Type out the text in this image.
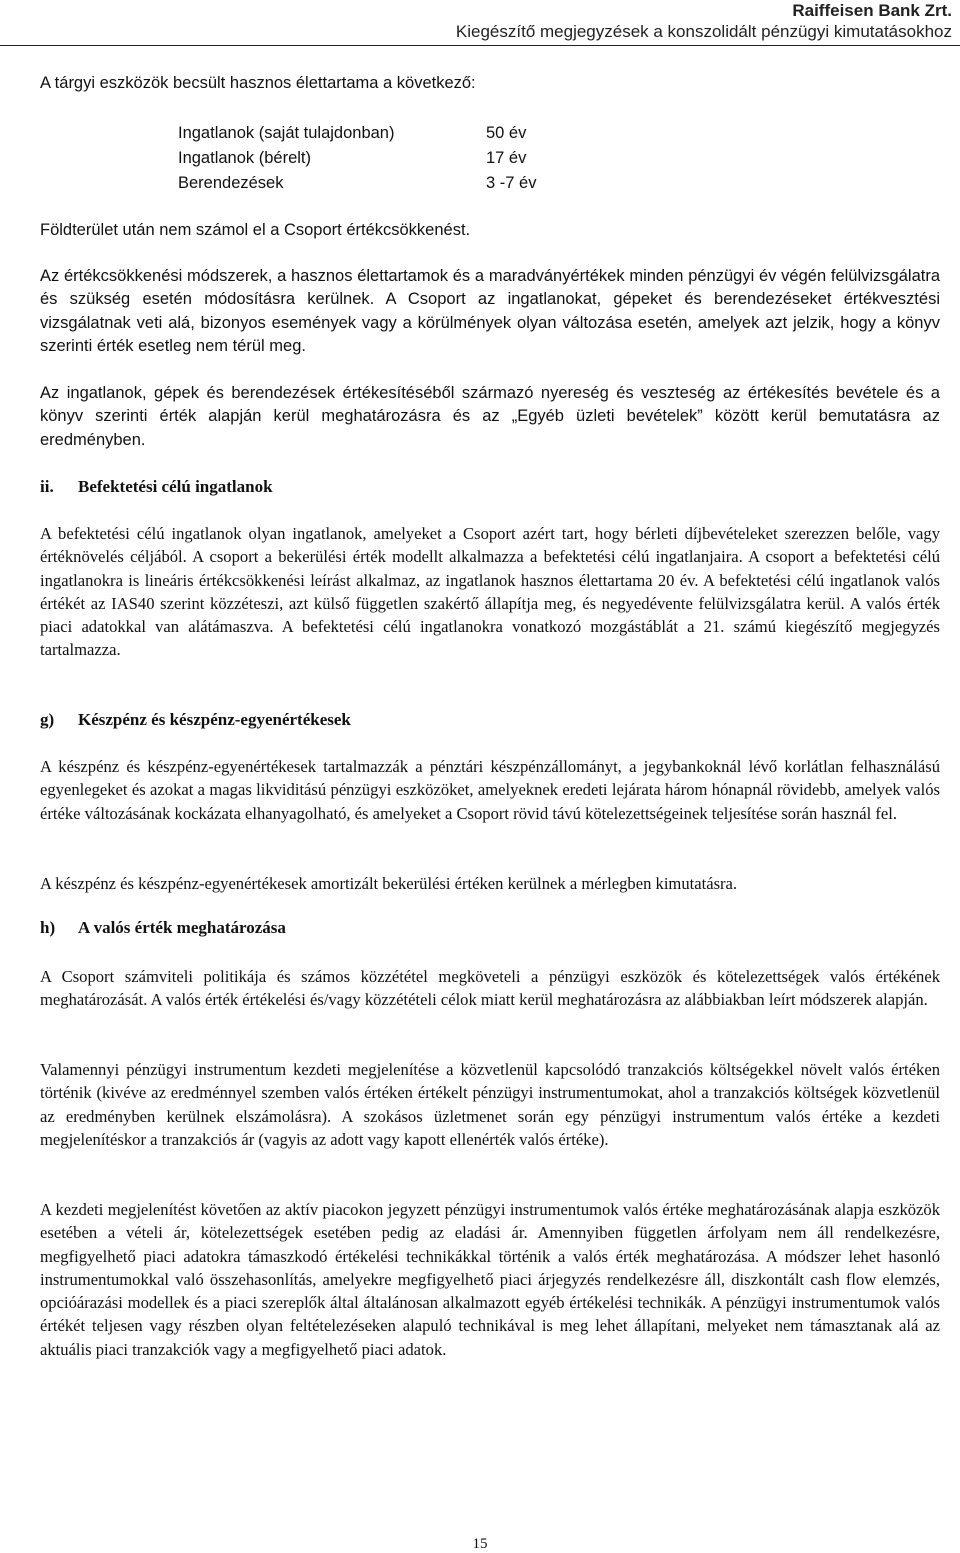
Raiffeisen Bank Zrt.
Kiegészítő megjegyzések a konszolidált pénzügyi kimutatásokhoz

A tárgyi eszközök becsült hasznos élettartama a következő:

Ingatlanok (saját tulajdonban)	50 év
Ingatlanok (bérelt)	17 év
Berendezések	3 -7 év

Földterület után nem számol el a Csoport értékcsökkenést.

Az értékcsökkenési módszerek, a hasznos élettartamok és a maradványértékek minden pénzügyi év végén felülvizsgálatra és szükség esetén módosításra kerülnek. A Csoport az ingatlanokat, gépeket és berendezéseket értékvesztési vizsgálatnak veti alá, bizonyos események vagy a körülmények olyan változása esetén, amelyek azt jelzik, hogy a könyv szerinti érték esetleg nem térül meg.

Az ingatlanok, gépek és berendezések értékesítéséből származó nyereség és veszteség az értékesítés bevétele és a könyv szerinti érték alapján kerül meghatározásra és az „Egyéb üzleti bevételek” között kerül bemutatásra az eredményben.

ii. Befektetési célú ingatlanok

A befektetési célú ingatlanok olyan ingatlanok, amelyeket a Csoport azért tart, hogy bérleti díjbevételeket szerezzen belőle, vagy értéknövelés céljából. A csoport a bekerülési érték modellt alkalmazza a befektetési célú ingatlanjaira. A csoport a befektetési célú ingatlanokra is lineáris értékcsökkenési leírást alkalmaz, az ingatlanok hasznos élettartama 20 év. A befektetési célú ingatlanok valós értékét az IAS40 szerint közzéteszi, azt külső független szakértő állapítja meg, és negyedévente felülvizsgálatra kerül. A valós érték piaci adatokkal van alátámaszva. A befektetési célú ingatlanokra vonatkozó mozgástáblát a 21. számú kiegészítő megjegyzés tartalmazza.

g) Készpénz és készpénz-egyenértékesek

A készpénz és készpénz-egyenértékesek tartalmazzák a pénztári készpénzállományt, a jegybankoknál lévő korlátlan felhasználású egyenlegeket és azokat a magas likviditású pénzügyi eszközöket, amelyeknek eredeti lejárata három hónapnál rövidebb, amelyek valós értéke változásának kockázata elhanyagolható, és amelyeket a Csoport rövid távú kötelezettségeinek teljesítése során használ fel.

A készpénz és készpénz-egyenértékesek amortizált bekerülési értéken kerülnek a mérlegben kimutatásra.

h) A valós érték meghatározása

A Csoport számviteli politikája és számos közzététel megköveteli a pénzügyi eszközök és kötelezettségek valós értékének meghatározását. A valós érték értékelési és/vagy közzétételi célok miatt kerül meghatározásra az alábbiakban leírt módszerek alapján.

Valamennyi pénzügyi instrumentum kezdeti megjelenítése a közvetlenül kapcsolódó tranzakciós költségekkel növelt valós értéken történik (kivéve az eredménnyel szemben valós értéken értékelt pénzügyi instrumentumokat, ahol a tranzakciós költségek közvetlenül az eredményben kerülnek elszámolásra). A szokásos üzletmenet során egy pénzügyi instrumentum valós értéke a kezdeti megjelenítéskor a tranzakciós ár (vagyis az adott vagy kapott ellenérték valós értéke).

A kezdeti megjelenítést követően az aktív piacokon jegyzett pénzügyi instrumentumok valós értéke meghatározásának alapja eszközök esetében a vételi ár, kötelezettségek esetében pedig az eladási ár. Amennyiben független árfolyam nem áll rendelkezésre, megfigyelhető piaci adatokra támaszkodó értékelési technikákkal történik a valós érték meghatározása. A módszer lehet hasonló instrumentumokkal való összehasonlítás, amelyekre megfigyelhető piaci árjegyzés rendelkezésre áll, diszkontált cash flow elemzés, opcióárazási modellek és a piaci szereplők által általánosan alkalmazott egyéb értékelési technikák. A pénzügyi instrumentumok valós értékét teljesen vagy részben olyan feltételezéseken alapuló technikával is meg lehet állapítani, melyeket nem támasztanak alá az aktuális piaci tranzakciók vagy a megfigyelhető piaci adatok.

15
